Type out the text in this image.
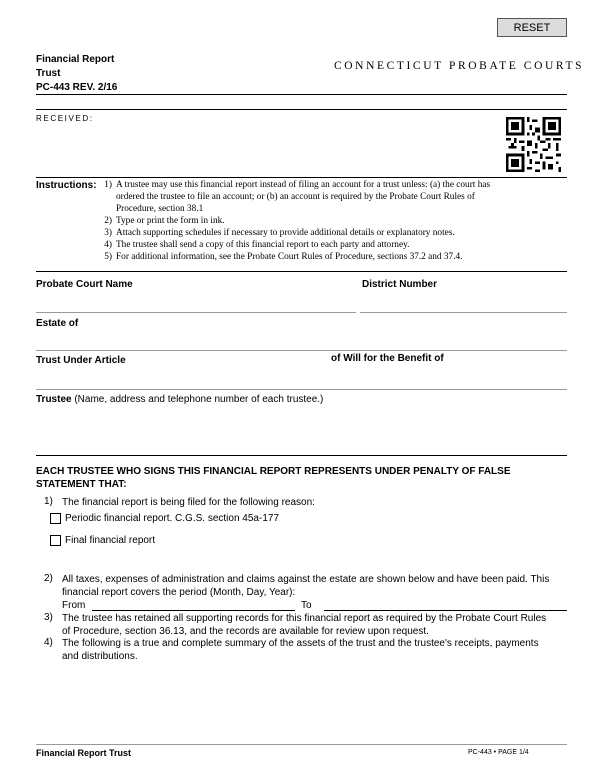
RESET
Financial Report
Trust
PC-443 REV. 2/16
CONNECTICUT PROBATE COURTS
RECEIVED:
Instructions: 1) A trustee may use this financial report instead of filing an account for a trust unless: (a) the court has
ordered the trustee to file an account; or (b) an account is required by the Probate Court Rules of
Procedure, section 38.1
2) Type or print the form in ink.
3) Attach supporting schedules if necessary to provide additional details or explanatory notes.
4) The trustee shall send a copy of this financial report to each party and attorney.
5) For additional information, see the Probate Court Rules of Procedure, sections 37.2 and 37.4.
Probate Court Name	District Number
Estate of
Trust Under Article	of Will for the Benefit of
Trustee (Name, address and telephone number of each trustee.)
EACH TRUSTEE WHO SIGNS THIS FINANCIAL REPORT REPRESENTS UNDER PENALTY OF FALSE
STATEMENT THAT:
1) The financial report is being filed for the following reason:
Periodic financial report. C.G.S. section 45a-177
Final financial report
2) All taxes, expenses of administration and claims against the estate are shown below and have been paid. This
financial report covers the period (Month, Day, Year):
From	To
3) The trustee has retained all supporting records for this financial report as required by the Probate Court Rules
of Procedure, section 36.13, and the records are available for review upon request.
4) The following is a true and complete summary of the assets of the trust and the trustee's receipts, payments
and distributions.
Financial Report Trust	PC-443 • PAGE 1/4
